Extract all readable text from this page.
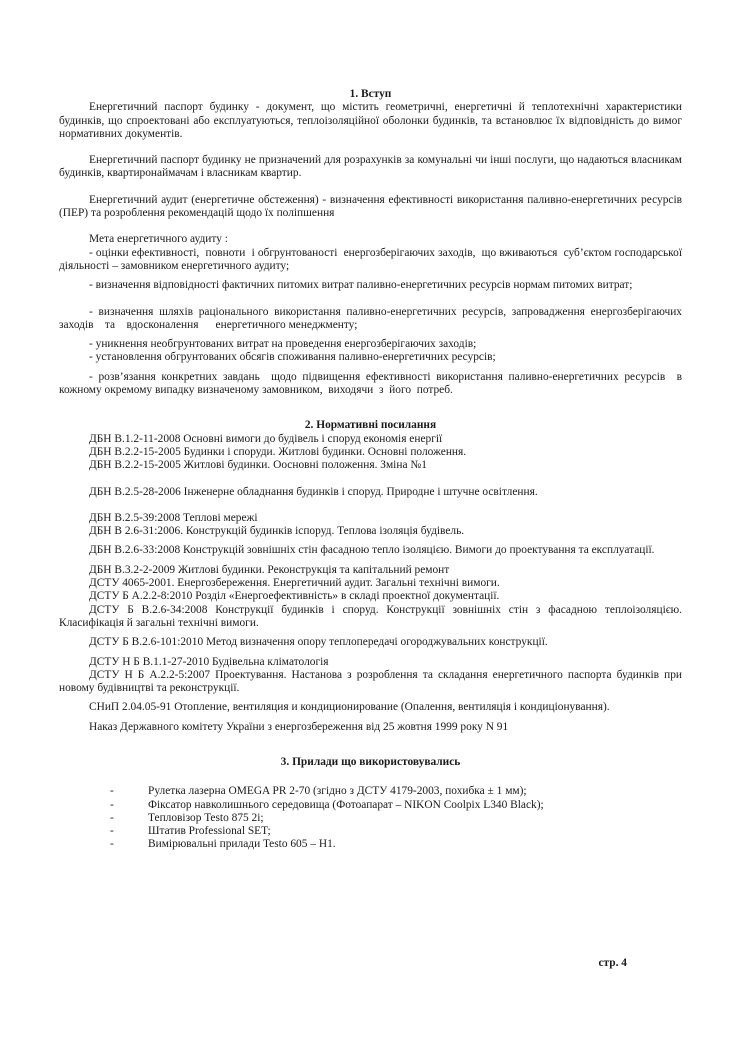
1. Вступ
Енергетичний паспорт будинку - документ, що містить геометричні, енергетичні й теплотехнічні характеристики будинків, що спроектовані або експлуатуються, теплоізоляційної оболонки будинків, та встановлює їх відповідність до вимог нормативних документів.
Енергетичний паспорт будинку не призначений для розрахунків за комунальні чи інші послуги, що надаються власникам будинків, квартиронаймачам і власникам квартир.
Енергетичний аудит (енергетичне обстеження) - визначення ефективності використання паливно-енергетичних ресурсів (ПЕР) та розроблення рекомендацій щодо їх поліпшення
Мета енергетичного аудиту :
- оцінки ефективності,  повноти  і обгрунтованості  енергозберігаючих заходів,  що вживаються  суб’єктом господарської діяльності – замовником енергетичного аудиту;
- визначення відповідності фактичних питомих витрат паливно-енергетичних ресурсів нормам питомих витрат;
- визначення шляхів раціонального використання паливно-енергетичних ресурсів, запровадження енергозберігаючих заходів    та    вдосконалення      енергетичного менеджменту;
- уникнення необгрунтованих витрат на проведення енергозберігаючих заходів;
- установлення обгрунтованих обсягів споживання паливно-енергетичних ресурсів;
- розв’язання конкретних завдань  щодо підвищення ефективності використання паливно-енергетичних ресурсів  в  кожному окремому випадку визначеному замовником,  виходячи  з  його  потреб.
2. Нормативні посилання
ДБН В.1.2-11-2008 Основні вимоги до будівель і споруд економія енергії
ДБН В.2.2-15-2005 Будинки і споруди. Житлові будинки. Основні положення.
ДБН В.2.2-15-2005 Житлові будинки. Оосновні положення. Зміна №1
ДБН В.2.5-28-2006 Інженерне обладнання будинків і споруд. Природне і штучне освітлення.
ДБН В.2.5-39:2008 Теплові мережі
ДБН В 2.6-31:2006. Конструкцій будинків іспоруд. Теплова ізоляція будівель.
ДБН В.2.6-33:2008 Конструкцій зовнішніх стін фасадною тепло ізоляцією. Вимоги до проектування та експлуатації.
ДБН В.3.2-2-2009 Житлові будинки. Реконструкція та капітальний ремонт
ДСТУ 4065-2001. Енергозбереження. Енергетичний аудит. Загальні технічні вимоги.
ДСТУ Б А.2.2-8:2010 Розділ «Енергоефективність» в складі проектної документації.
ДСТУ Б В.2.6-34:2008 Конструкції будинків і споруд. Конструкції зовнішніх стін з фасадною теплоізоляцією. Класифікація й загальні технічні вимоги.
ДСТУ Б В.2.6-101:2010 Метод визначення опору теплопередачі огороджувальних конструкції.
ДСТУ Н Б В.1.1-27-2010 Будівельна кліматологія
ДСТУ Н Б А.2.2-5:2007 Проектування. Настанова з розроблення та складання енергетичного паспорта будинків при новому будівництві та реконструкції.
СНиП 2.04.05-91 Отопление, вентиляция и кондиционирование (Опалення, вентиляція і кондиціонування).
Наказ Державного комітету України з енергозбереження від 25 жовтня 1999 року N 91
3. Прилади що використовувались
-	Рулетка лазерна OMEGA PR 2-70 (згідно з ДСТУ 4179-2003, похибка ± 1 мм);
-	Фіксатор навколишнього середовища (Фотоапарат – NIKON Coolpix L340 Black);
-	Тепловізор Testo 875 2i;
-	Штатив Professional SET;
-	Вимірювальні прилади Testo 605 – H1.
стр. 4
